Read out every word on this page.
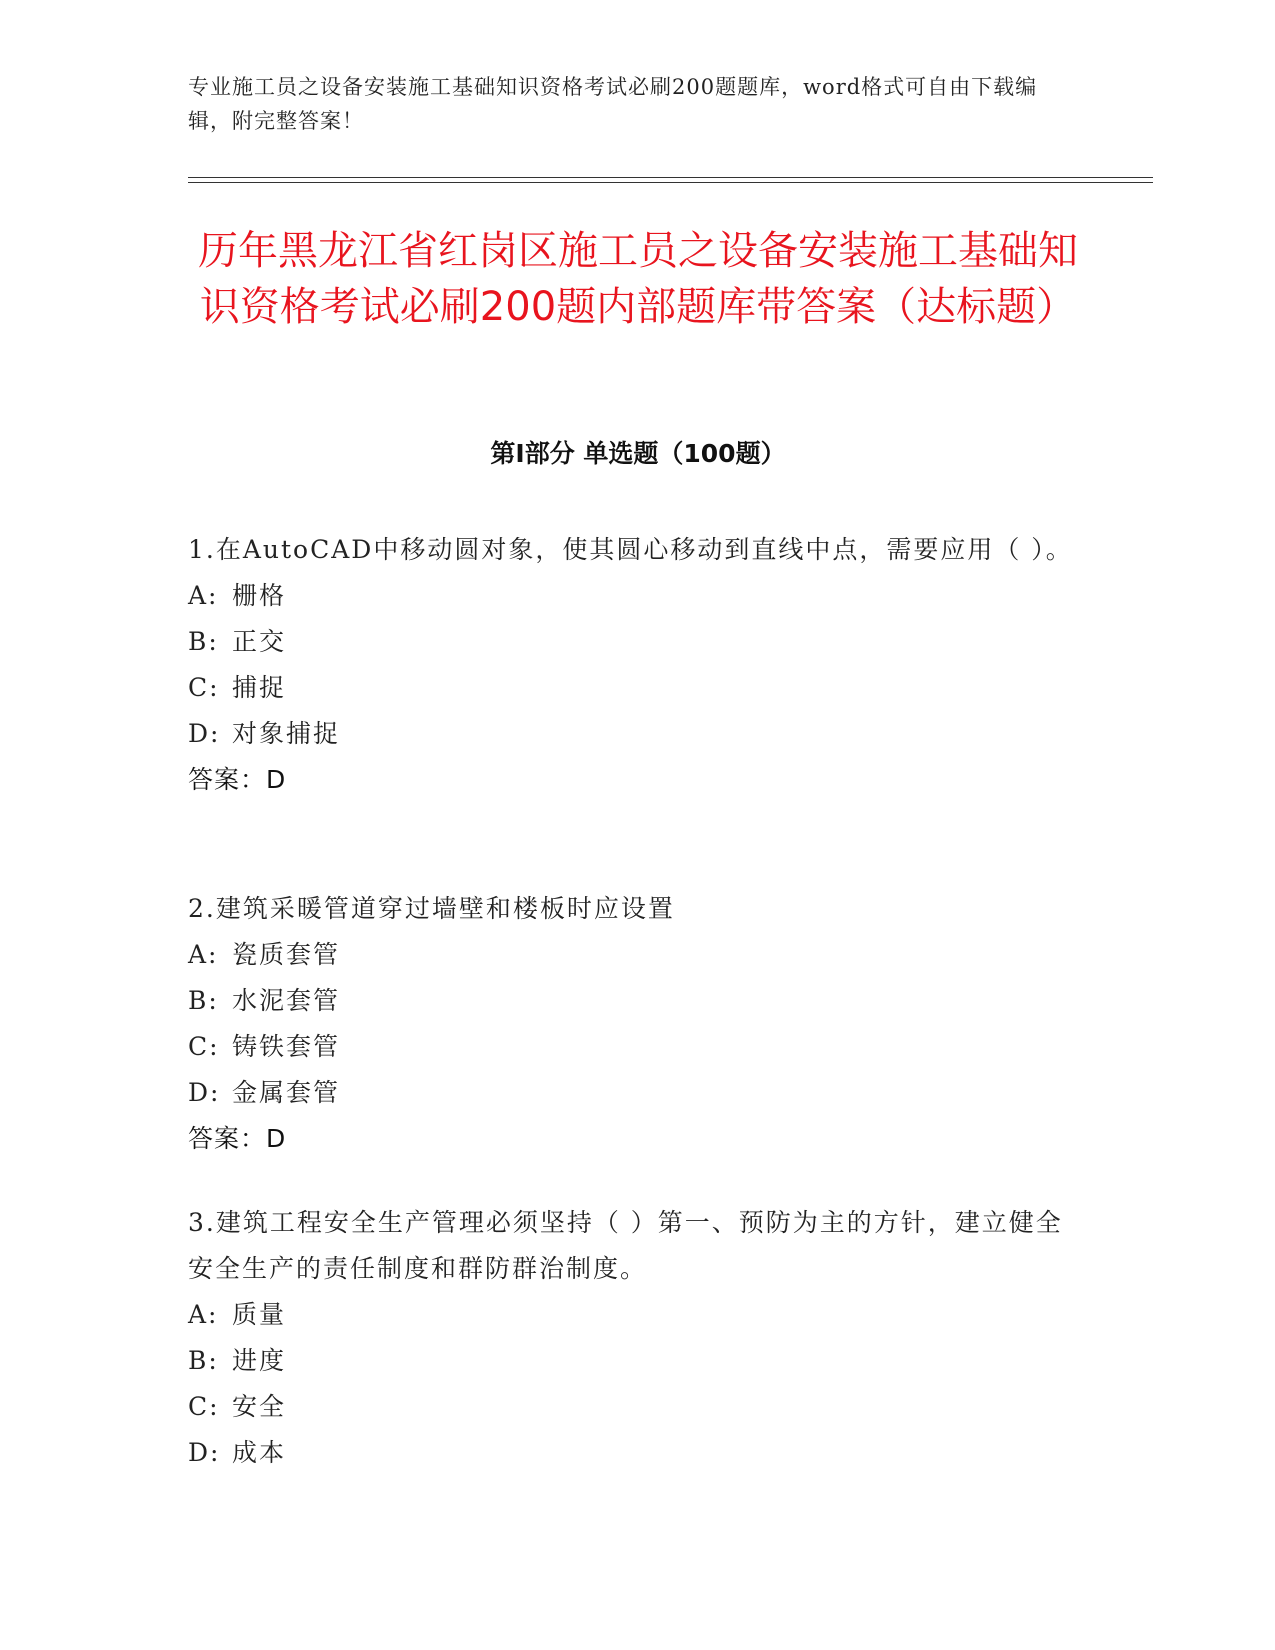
专业施工员之设备安装施工基础知识资格考试必刷200题题库，word格式可自由下载编辑，附完整答案！
历年黑龙江省红岗区施工员之设备安装施工基础知识资格考试必刷200题内部题库带答案（达标题）
第Ⅰ部分 单选题（100题）

1.在AutoCAD中移动圆对象，使其圆心移动到直线中点，需要应用（ ）。

A: 栅格

B: 正交

C: 捕捉

D: 对象捕捉

答案：D

2.建筑采暖管道穿过墙壁和楼板时应设置

A: 瓷质套管

B: 水泥套管

C: 铸铁套管

D: 金属套管

答案：D

3.建筑工程安全生产管理必须坚持（ ）第一、预防为主的方针，建立健全安全生产的责任制度和群防群治制度。

A: 质量

B: 进度

C: 安全

D: 成本
